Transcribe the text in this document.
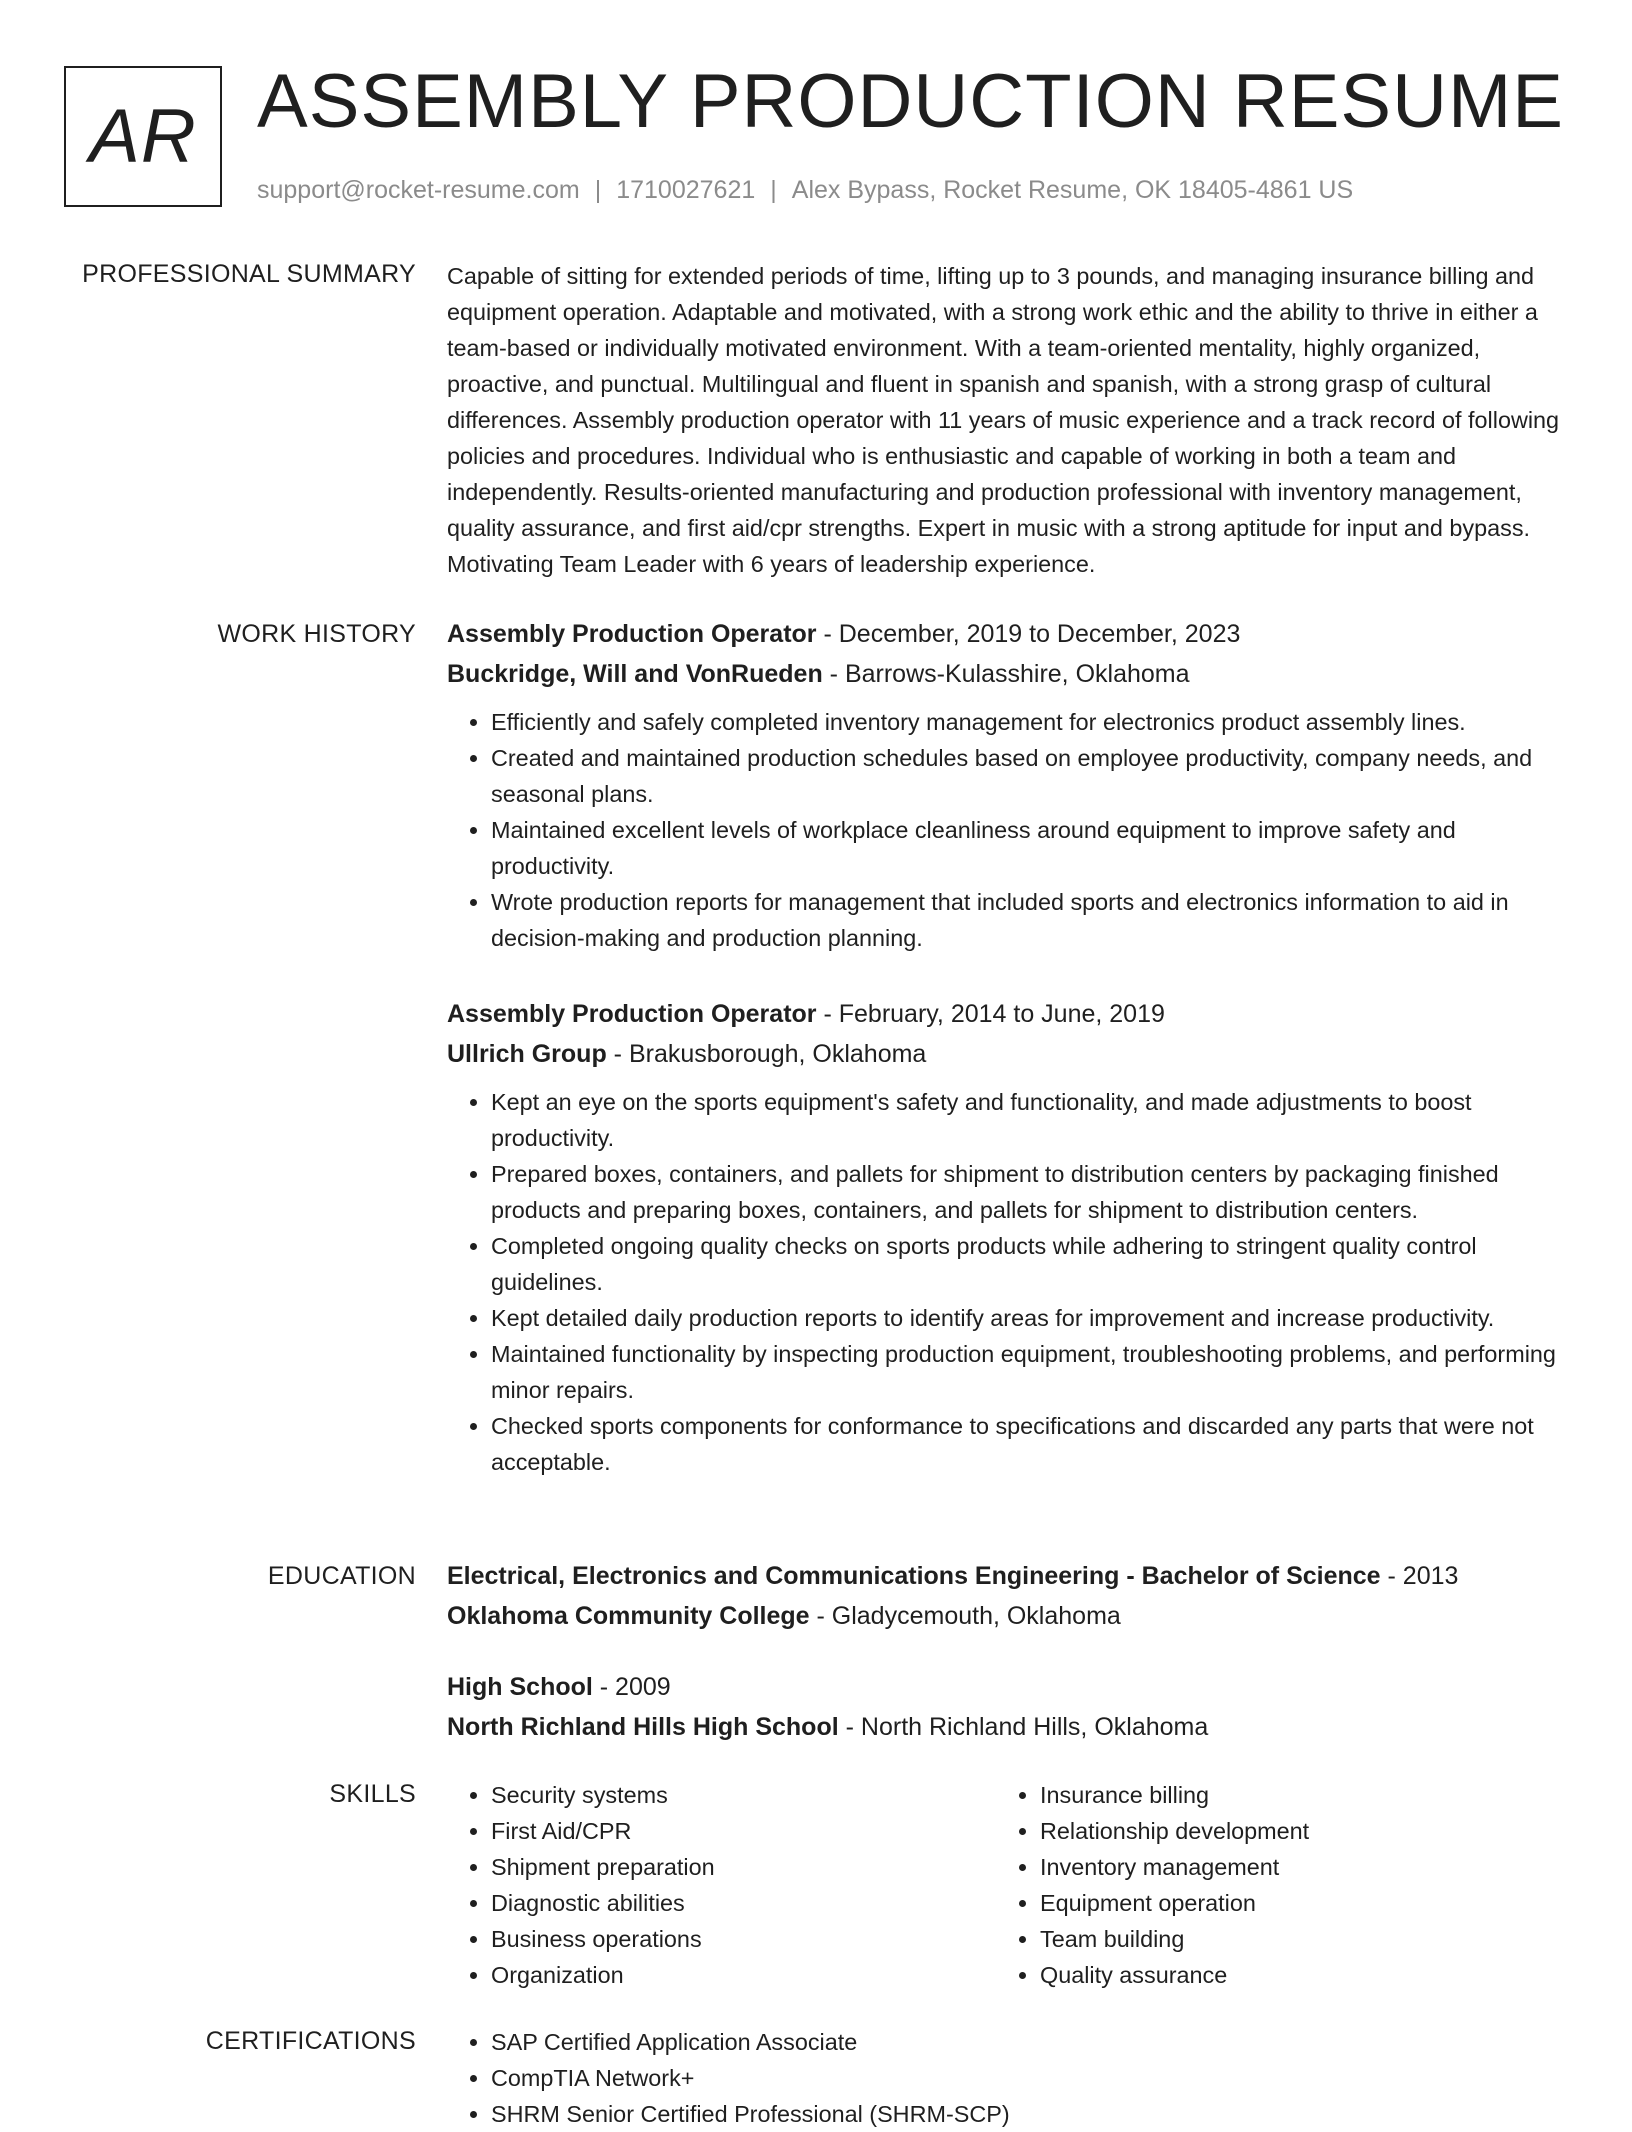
AR ASSEMBLY PRODUCTION RESUME
support@rocket-resume.com | 1710027621 | Alex Bypass, Rocket Resume, OK 18405-4861 US
PROFESSIONAL SUMMARY Capable of sitting for extended periods of time, lifting up to 3 pounds, and managing insurance billing and equipment operation. Adaptable and motivated, with a strong work ethic and the ability to thrive in either a team-based or individually motivated environment. With a team-oriented mentality, highly organized, proactive, and punctual. Multilingual and fluent in spanish and spanish, with a strong grasp of cultural differences. Assembly production operator with 11 years of music experience and a track record of following policies and procedures. Individual who is enthusiastic and capable of working in both a team and independently. Results-oriented manufacturing and production professional with inventory management, quality assurance, and first aid/cpr strengths. Expert in music with a strong aptitude for input and bypass. Motivating Team Leader with 6 years of leadership experience.

WORK HISTORY Assembly Production Operator - December, 2019 to December, 2023
Buckridge, Will and VonRueden - Barrows-Kulasshire, Oklahoma
• Efficiently and safely completed inventory management for electronics product assembly lines.
• Created and maintained production schedules based on employee productivity, company needs, and seasonal plans.
• Maintained excellent levels of workplace cleanliness around equipment to improve safety and productivity.
• Wrote production reports for management that included sports and electronics information to aid in decision-making and production planning.
Assembly Production Operator - February, 2014 to June, 2019
Ullrich Group - Brakusborough, Oklahoma
• Kept an eye on the sports equipment's safety and functionality, and made adjustments to boost productivity.
• Prepared boxes, containers, and pallets for shipment to distribution centers by packaging finished products and preparing boxes, containers, and pallets for shipment to distribution centers.
• Completed ongoing quality checks on sports products while adhering to stringent quality control guidelines.
• Kept detailed daily production reports to identify areas for improvement and increase productivity.
• Maintained functionality by inspecting production equipment, troubleshooting problems, and performing minor repairs.
• Checked sports components for conformance to specifications and discarded any parts that were not acceptable.
EDUCATION Electrical, Electronics and Communications Engineering - Bachelor of Science - 2013
Oklahoma Community College - Gladycemouth, Oklahoma
High School - 2009
North Richland Hills High School - North Richland Hills, Oklahoma
SKILLS	• Security systems
• First Aid/CPR
• Shipment preparation
• Diagnostic abilities
• Business operations
• Organization
• Insurance billing
• Relationship development
• Inventory management
• Equipment operation
• Team building
• Quality assurance
CERTIFICATIONS	• SAP Certified Application Associate
• CompTIA Network+
• SHRM Senior Certified Professional (SHRM-SCP)
